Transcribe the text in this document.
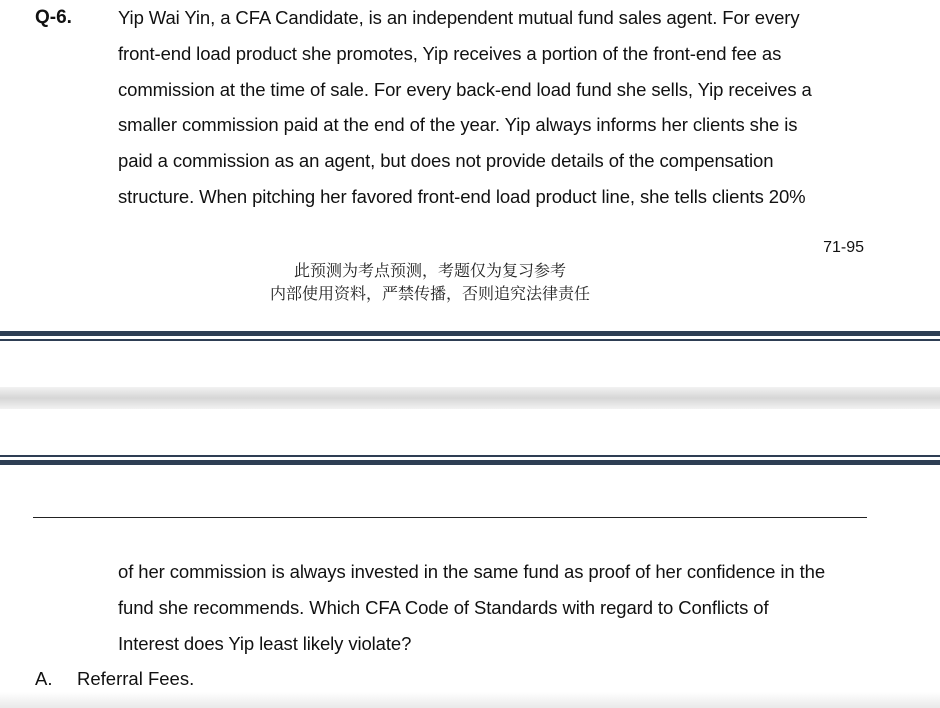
Q-6. Yip Wai Yin, a CFA Candidate, is an independent mutual fund sales agent. For every
front-end load product she promotes, Yip receives a portion of the front-end fee as
commission at the time of sale. For every back-end load fund she sells, Yip receives a
smaller commission paid at the end of the year. Yip always informs her clients she is
paid a commission as an agent, but does not provide details of the compensation
structure. When pitching her favored front-end load product line, she tells clients 20%
71-95
此预测为考点预测，考题仅为复习参考
内部使用资料，严禁传播，否则追究法律责任
of her commission is always invested in the same fund as proof of her confidence in the
fund she recommends. Which CFA Code of Standards with regard to Conflicts of
Interest does Yip least likely violate?
A. Referral Fees.
